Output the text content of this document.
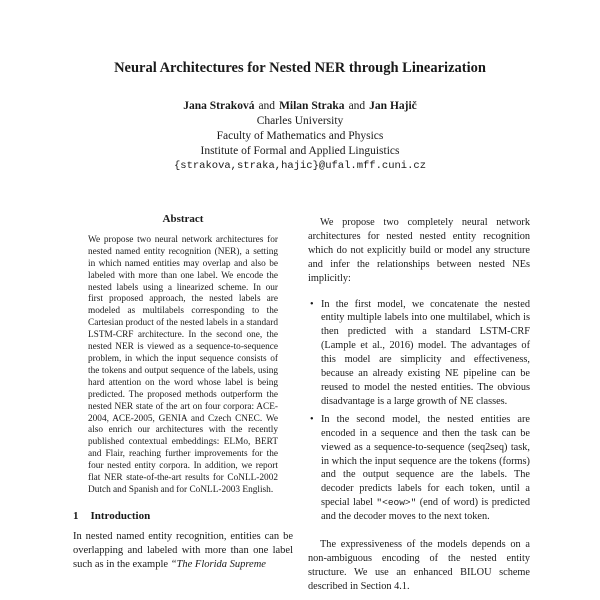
Neural Architectures for Nested NER through Linearization
Jana Straková and Milan Straka and Jan Hajič
Charles University
Faculty of Mathematics and Physics
Institute of Formal and Applied Linguistics
{strakova,straka,hajic}@ufal.mff.cuni.cz
Abstract
We propose two neural network architectures for nested named entity recognition (NER), a setting in which named entities may overlap and also be labeled with more than one label. We encode the nested labels using a linearized scheme. In our first proposed approach, the nested labels are modeled as multilabels corresponding to the Cartesian product of the nested labels in a standard LSTM-CRF architecture. In the second one, the nested NER is viewed as a sequence-to-sequence problem, in which the input sequence consists of the tokens and output sequence of the labels, using hard attention on the word whose label is being predicted. The proposed methods outperform the nested NER state of the art on four corpora: ACE-2004, ACE-2005, GENIA and Czech CNEC. We also enrich our architectures with the recently published contextual embeddings: ELMo, BERT and Flair, reaching further improvements for the four nested entity corpora. In addition, we report flat NER state-of-the-art results for CoNLL-2002 Dutch and Spanish and for CoNLL-2003 English.
1 Introduction
In nested named entity recognition, entities can be overlapping and labeled with more than one label such as in the example “The Florida Supreme

We propose two completely neural network architectures for nested nested entity recognition which do not explicitly build or model any structure and infer the relationships between nested NEs implicitly:

• In the first model, we concatenate the nested entity multiple labels into one multilabel, which is then predicted with a standard LSTM-CRF (Lample et al., 2016) model. The advantages of this model are simplicity and effectiveness, because an already existing NE pipeline can be reused to model the nested entities. The obvious disadvantage is a large growth of NE classes.
• In the second model, the nested entities are encoded in a sequence and then the task can be viewed as a sequence-to-sequence (seq2seq) task, in which the input sequence are the tokens (forms) and the output sequence are the labels. The decoder predicts labels for each token, until a special label "<eow>" (end of word) is predicted and the decoder moves to the next token.

The expressiveness of the models depends on a non-ambiguous encoding of the nested entity structure. We use an enhanced BILOU scheme described in Section 4.1.
